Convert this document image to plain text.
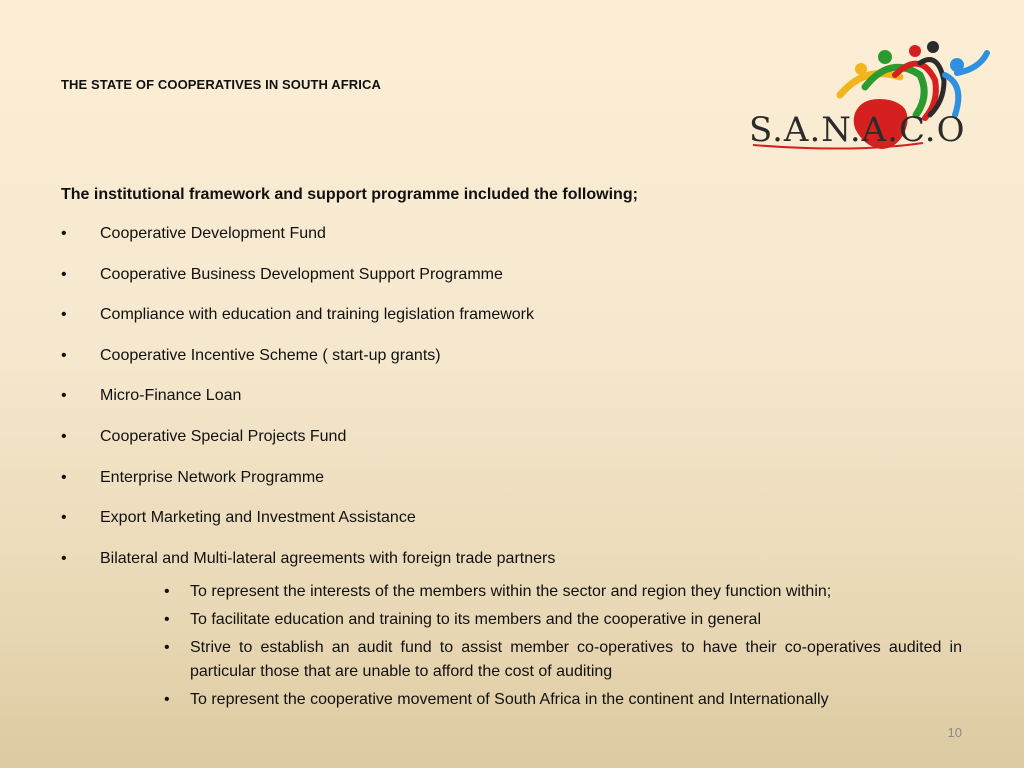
THE STATE OF COOPERATIVES IN SOUTH AFRICA
S.A.N.A.C.O
The institutional framework and support programme included the following;
• Cooperative Development Fund
• Cooperative Business Development Support Programme
• Compliance with education and training legislation framework
• Cooperative Incentive Scheme ( start-up grants)
• Micro-Finance Loan
• Cooperative Special Projects Fund
• Enterprise Network Programme
• Export Marketing and Investment Assistance
• Bilateral and Multi-lateral agreements with foreign trade partners
• To represent the interests of the members within the sector and region they function within;
• To facilitate education and training to its members and the cooperative in general
• Strive to establish an audit fund to assist member co-operatives to have their co-operatives audited in particular those that are unable to afford the cost of auditing
• To represent the cooperative movement of South Africa in the continent and Internationally
10
